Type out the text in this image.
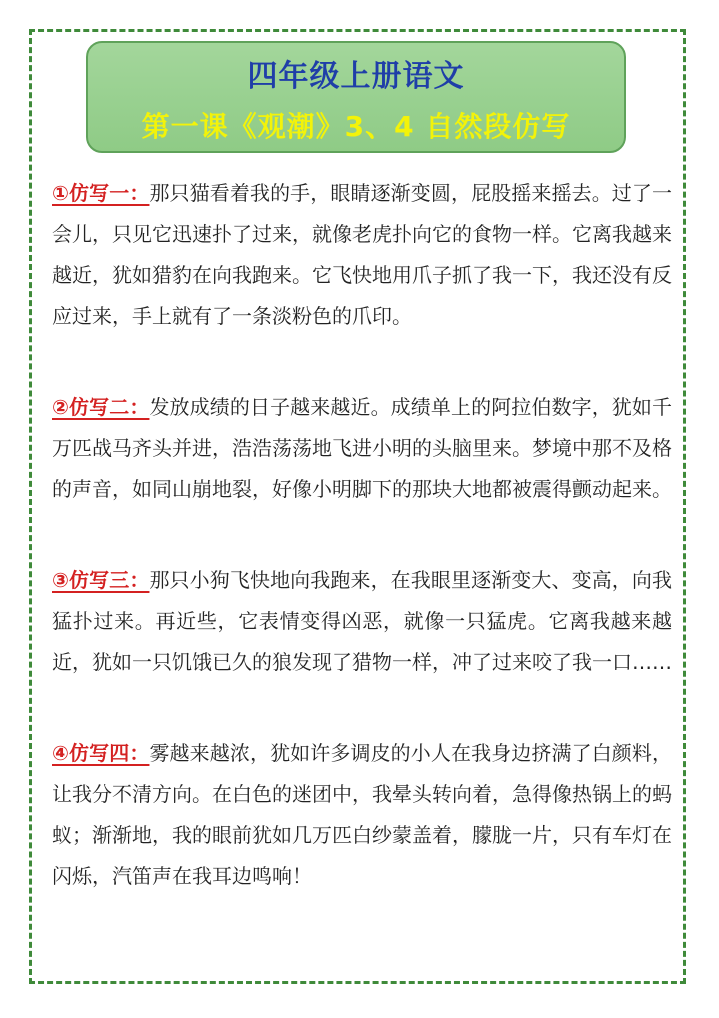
四年级上册语文
第一课《观潮》3、4 自然段仿写

①仿写一：那只猫看着我的手，眼睛逐渐变圆，屁股摇来摇去。过了一会儿，只见它迅速扑了过来，就像老虎扑向它的食物一样。它离我越来越近，犹如猎豹在向我跑来。它飞快地用爪子抓了我一下，我还没有反应过来，手上就有了一条淡粉色的爪印。

②仿写二：发放成绩的日子越来越近。成绩单上的阿拉伯数字，犹如千万匹战马齐头并进，浩浩荡荡地飞进小明的头脑里来。梦境中那不及格的声音，如同山崩地裂，好像小明脚下的那块大地都被震得颤动起来。

③仿写三：那只小狗飞快地向我跑来，在我眼里逐渐变大、变高，向我猛扑过来。再近些，它表情变得凶恶，就像一只猛虎。它离我越来越近，犹如一只饥饿已久的狼发现了猎物一样，冲了过来咬了我一口……

④仿写四：雾越来越浓，犹如许多调皮的小人在我身边挤满了白颜料，让我分不清方向。在白色的迷团中，我晕头转向着，急得像热锅上的蚂蚁；渐渐地，我的眼前犹如几万匹白纱蒙盖着，朦胧一片，只有车灯在闪烁，汽笛声在我耳边鸣响！
